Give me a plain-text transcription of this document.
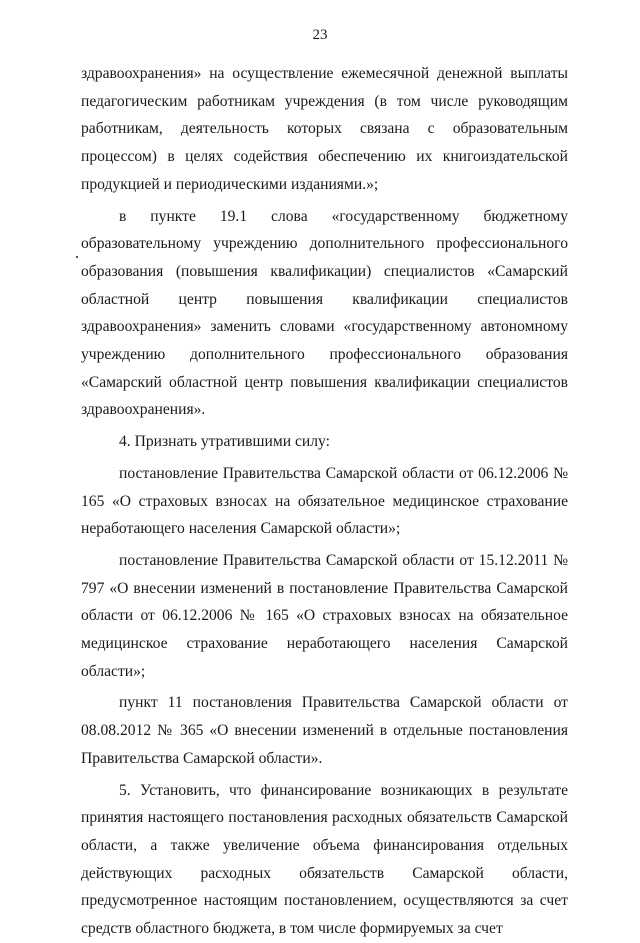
23

здравоохранения» на осуществление ежемесячной денежной выплаты педагогическим работникам учреждения (в том числе руководящим работникам, деятельность которых связана с образовательным процессом) в целях содействия обеспечению их книгоиздательской продукцией и периодическими изданиями.»;

в пункте 19.1 слова «государственному бюджетному образовательному учреждению дополнительного профессионального образования (повышения квалификации) специалистов «Самарский областной центр повышения квалификации специалистов здравоохранения» заменить словами «государственному автономному учреждению дополнительного профессионального образования «Самарский областной центр повышения квалификации специалистов здравоохранения».

4. Признать утратившими силу:

постановление Правительства Самарской области от 06.12.2006 № 165 «О страховых взносах на обязательное медицинское страхование неработающего населения Самарской области»;

постановление Правительства Самарской области от 15.12.2011 № 797 «О внесении изменений в постановление Правительства Самарской области от 06.12.2006 № 165 «О страховых взносах на обязательное медицинское страхование неработающего населения Самарской области»;

пункт 11 постановления Правительства Самарской области от 08.08.2012 № 365 «О внесении изменений в отдельные постановления Правительства Самарской области».

5. Установить, что финансирование возникающих в результате принятия настоящего постановления расходных обязательств Самарской области, а также увеличение объема финансирования отдельных действующих расходных обязательств Самарской области, предусмотренное настоящим постановлением, осуществляются за счет средств областного бюджета, в том числе формируемых за счет
